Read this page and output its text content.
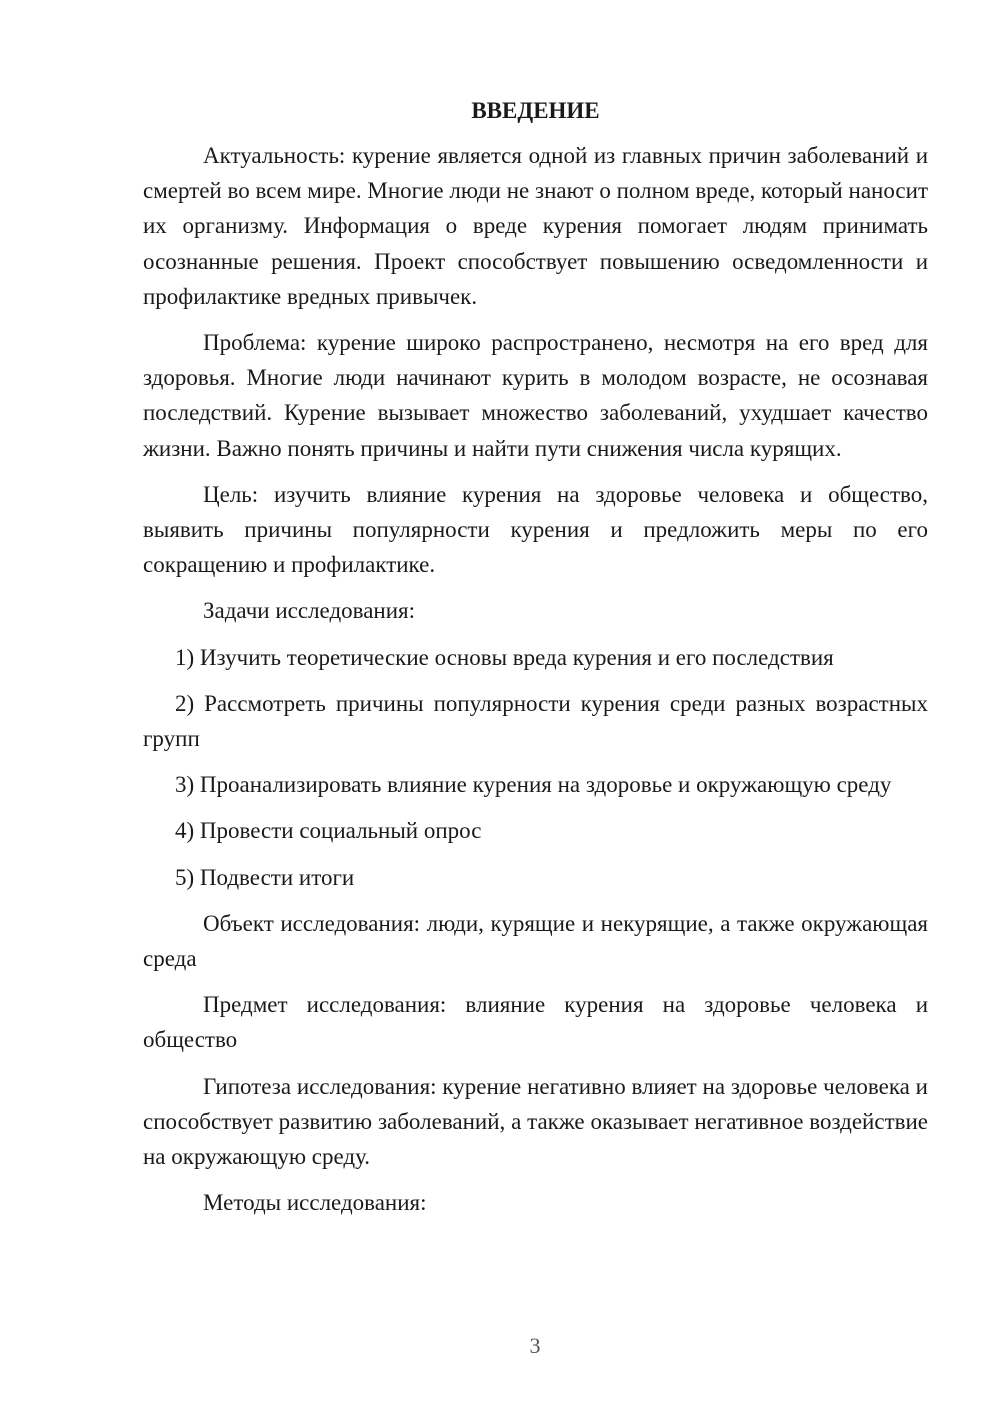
ВВЕДЕНИЕ

Актуальность: курение является одной из главных причин заболеваний и смертей во всем мире. Многие люди не знают о полном вреде, который наносит их организму. Информация о вреде курения помогает людям принимать осознанные решения. Проект способствует повышению осведомленности и профилактике вредных привычек.

Проблема: курение широко распространено, несмотря на его вред для здоровья. Многие люди начинают курить в молодом возрасте, не осознавая последствий. Курение вызывает множество заболеваний, ухудшает качество жизни. Важно понять причины и найти пути снижения числа курящих.

Цель: изучить влияние курения на здоровье человека и общество, выявить причины популярности курения и предложить меры по его сокращению и профилактике.

Задачи исследования:

1) Изучить теоретические основы вреда курения и его последствия

2) Рассмотреть причины популярности курения среди разных возрастных групп

3) Проанализировать влияние курения на здоровье и окружающую среду

4) Провести социальный опрос

5) Подвести итоги

Объект исследования: люди, курящие и некурящие, а также окружающая среда

Предмет исследования: влияние курения на здоровье человека и общество

Гипотеза исследования: курение негативно влияет на здоровье человека и способствует развитию заболеваний, а также оказывает негативное воздействие на окружающую среду.

Методы исследования:

3
